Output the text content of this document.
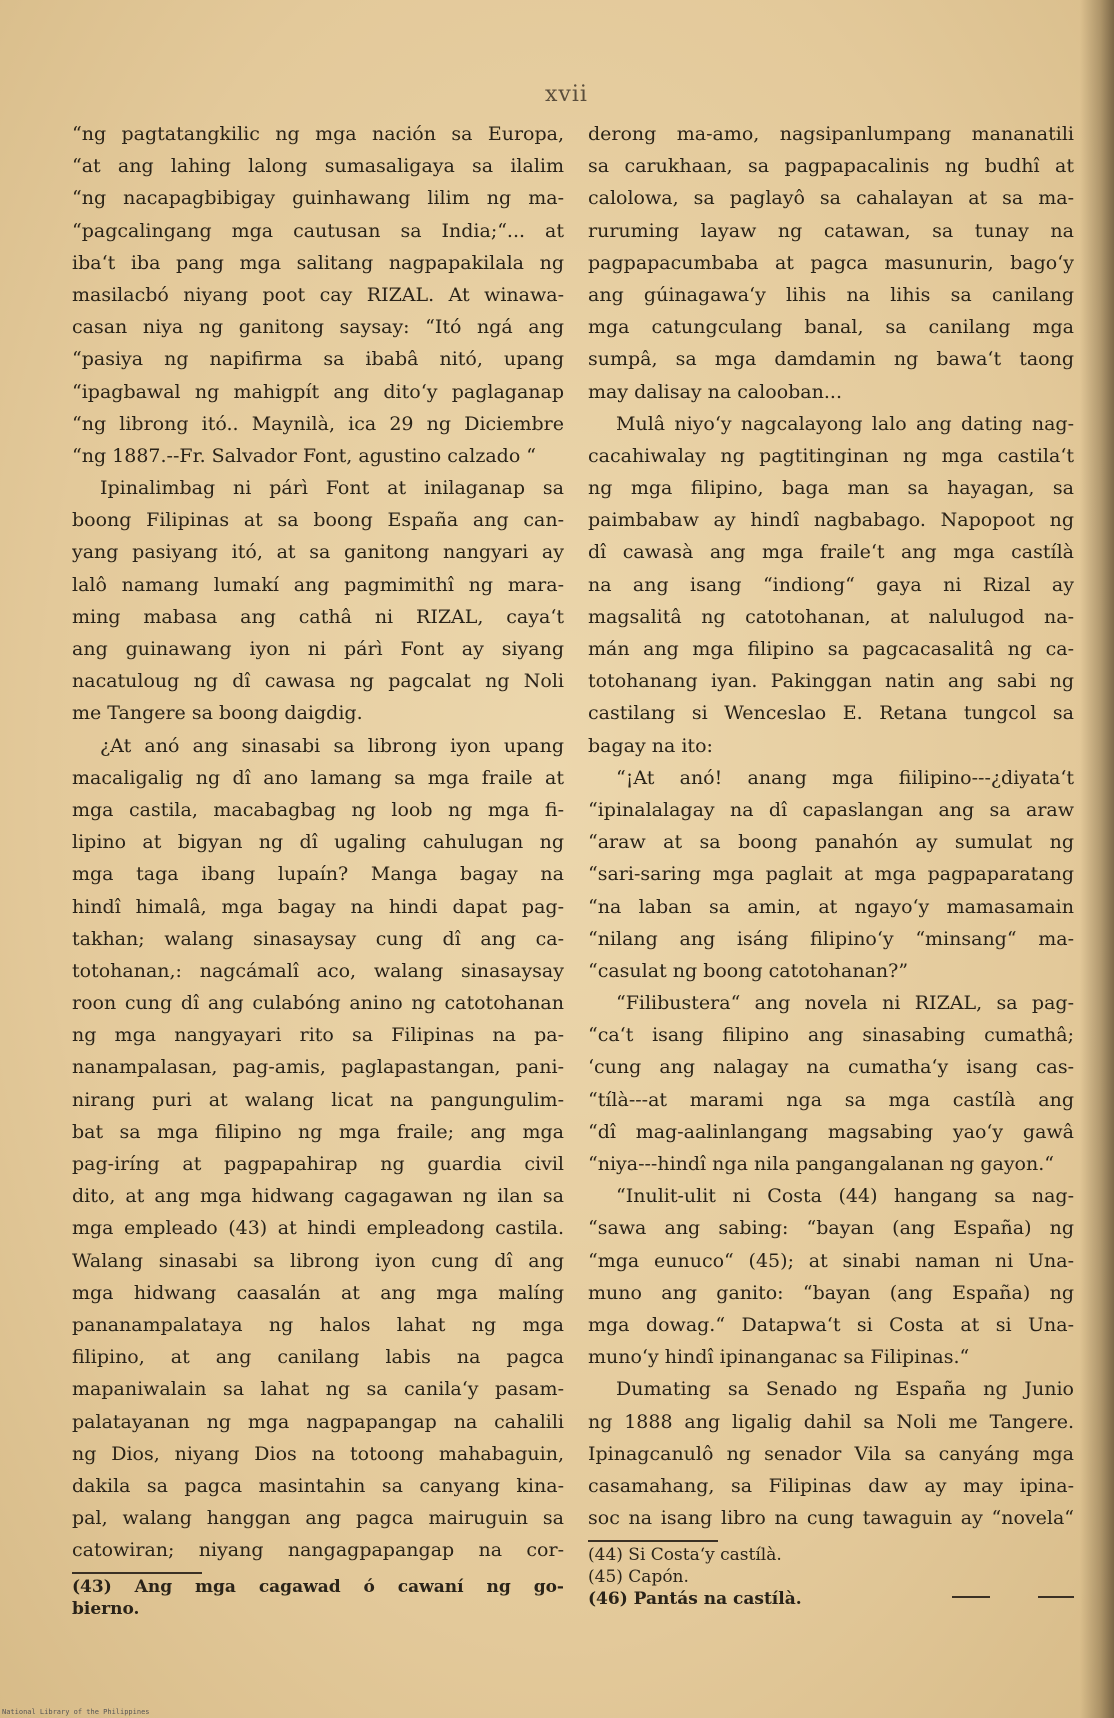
xvii
“ng pagtatangkilic ng mga nación sa Europa,
“at ang lahing lalong sumasaligaya sa ilalim
“ng nacapagbibigay guinhawang lilim ng ma-
“pagcalingang mga cautusan sa India;“... at
iba‘t iba pang mga salitang nagpapakilala ng
masilacbó niyang poot cay RIZAL. At winawa-
casan niya ng ganitong saysay: “Itó ngá ang
“pasiya ng napifirma sa ibabâ nitó, upang
“ipagbawal ng mahigpít ang dito‘y paglaganap
“ng librong itó.. Maynilà, ica 29 ng Diciembre
“ng 1887.--Fr. Salvador Font, agustino calzado “
Ipinalimbag ni párì Font at inilaganap sa
boong Filipinas at sa boong España ang can-
yang pasiyang itó, at sa ganitong nangyari ay
lalô namang lumakí ang pagmimithî ng mara-
ming mabasa ang cathâ ni RIZAL, caya‘t
ang guinawang iyon ni párì Font ay siyang
nacatuloug ng dî cawasa ng pagcalat ng Noli
me Tangere sa boong daigdig.
¿At anó ang sinasabi sa librong iyon upang
macaligalig ng dî ano lamang sa mga fraile at
mga castila, macabagbag ng loob ng mga fi-
lipino at bigyan ng dî ugaling cahulugan ng
mga taga ibang lupaín? Manga bagay na
hindî himalâ, mga bagay na hindi dapat pag-
takhan; walang sinasaysay cung dî ang ca-
totohanan,: nagcámalî aco, walang sinasaysay
roon cung dî ang culabóng anino ng catotohanan
ng mga nangyayari rito sa Filipinas na pa-
nanampalasan, pag-amis, paglapastangan, pani-
nirang puri at walang licat na pangungulim-
bat sa mga filipino ng mga fraile; ang mga
pag-iríng at pagpapahirap ng guardia civil
dito, at ang mga hidwang cagagawan ng ilan sa
mga empleado (43) at hindi empleadong castila.
Walang sinasabi sa librong iyon cung dî ang
mga hidwang caasalán at ang mga malíng
pananampalataya ng halos lahat ng mga
filipino, at ang canilang labis na pagca
mapaniwalain sa lahat ng sa canila‘y pasam-
palatayanan ng mga nagpapangap na cahalili
ng Dios, niyang Dios na totoong mahabaguin,
dakila sa pagca masintahin sa canyang kina-
pal, walang hanggan ang pagca mairuguin sa
catowiran; niyang nangagpapangap na cor-
(43) Ang mga cagawad ó cawaní ng go-
bierno.
derong ma-amo, nagsipanlumpang mananatili
sa carukhaan, sa pagpapacalinis ng budhî at
calolowa, sa paglayô sa cahalayan at sa ma-
ruruming layaw ng catawan, sa tunay na
pagpapacumbaba at pagca masunurin, bago‘y
ang gúinagawa‘y lihis na lihis sa canilang
mga catungculang banal, sa canilang mga
sumpâ, sa mga damdamin ng bawa‘t taong
may dalisay na calooban...
Mulâ niyo‘y nagcalayong lalo ang dating nag-
cacahiwalay ng pagtitinginan ng mga castila‘t
ng mga filipino, baga man sa hayagan, sa
paimbabaw ay hindî nagbabago. Napopoot ng
dî cawasà ang mga fraile‘t ang mga castílà
na ang isang “indiong“ gaya ni Rizal ay
magsalitâ ng catotohanan, at nalulugod na-
mán ang mga filipino sa pagcacasalitâ ng ca-
totohanang iyan. Pakinggan natin ang sabi ng
castilang si Wenceslao E. Retana tungcol sa
bagay na ito:
“¡At anó! anang mga fiilipino---¿diyata‘t
“ipinalalagay na dî capaslangan ang sa araw
“araw at sa boong panahón ay sumulat ng
“sari-saring mga paglait at mga pagpaparatang
“na laban sa amin, at ngayo‘y mamasamain
“nilang ang isáng filipino‘y “minsang“ ma-
“casulat ng boong catotohanan?”
“Filibustera“ ang novela ni RIZAL, sa pag-
“ca‘t isang filipino ang sinasabing cumathâ;
‘cung ang nalagay na cumatha‘y isang cas-
“tílà---at marami nga sa mga castílà ang
“dî mag-aalinlangang magsabing yao‘y gawâ
“niya---hindî nga nila pangangalanan ng gayon.“
“Inulit-ulit ni Costa (44) hangang sa nag-
“sawa ang sabing: “bayan (ang España) ng
“mga eunuco“ (45); at sinabi naman ni Una-
muno ang ganito: “bayan (ang España) ng
mga dowag.“ Datapwa‘t si Costa at si Una-
muno‘y hindî ipinanganac sa Filipinas.“
Dumating sa Senado ng España ng Junio
ng 1888 ang ligalig dahil sa Noli me Tangere.
Ipinagcanulô ng senador Vila sa canyáng mga
casamahang, sa Filipinas daw ay may ipina-
soc na isang libro na cung tawaguin ay “novela“
(44) Si Costa‘y castílà.
(45) Capón.
(46) Pantás na castílà.
National Library of the Philippines
